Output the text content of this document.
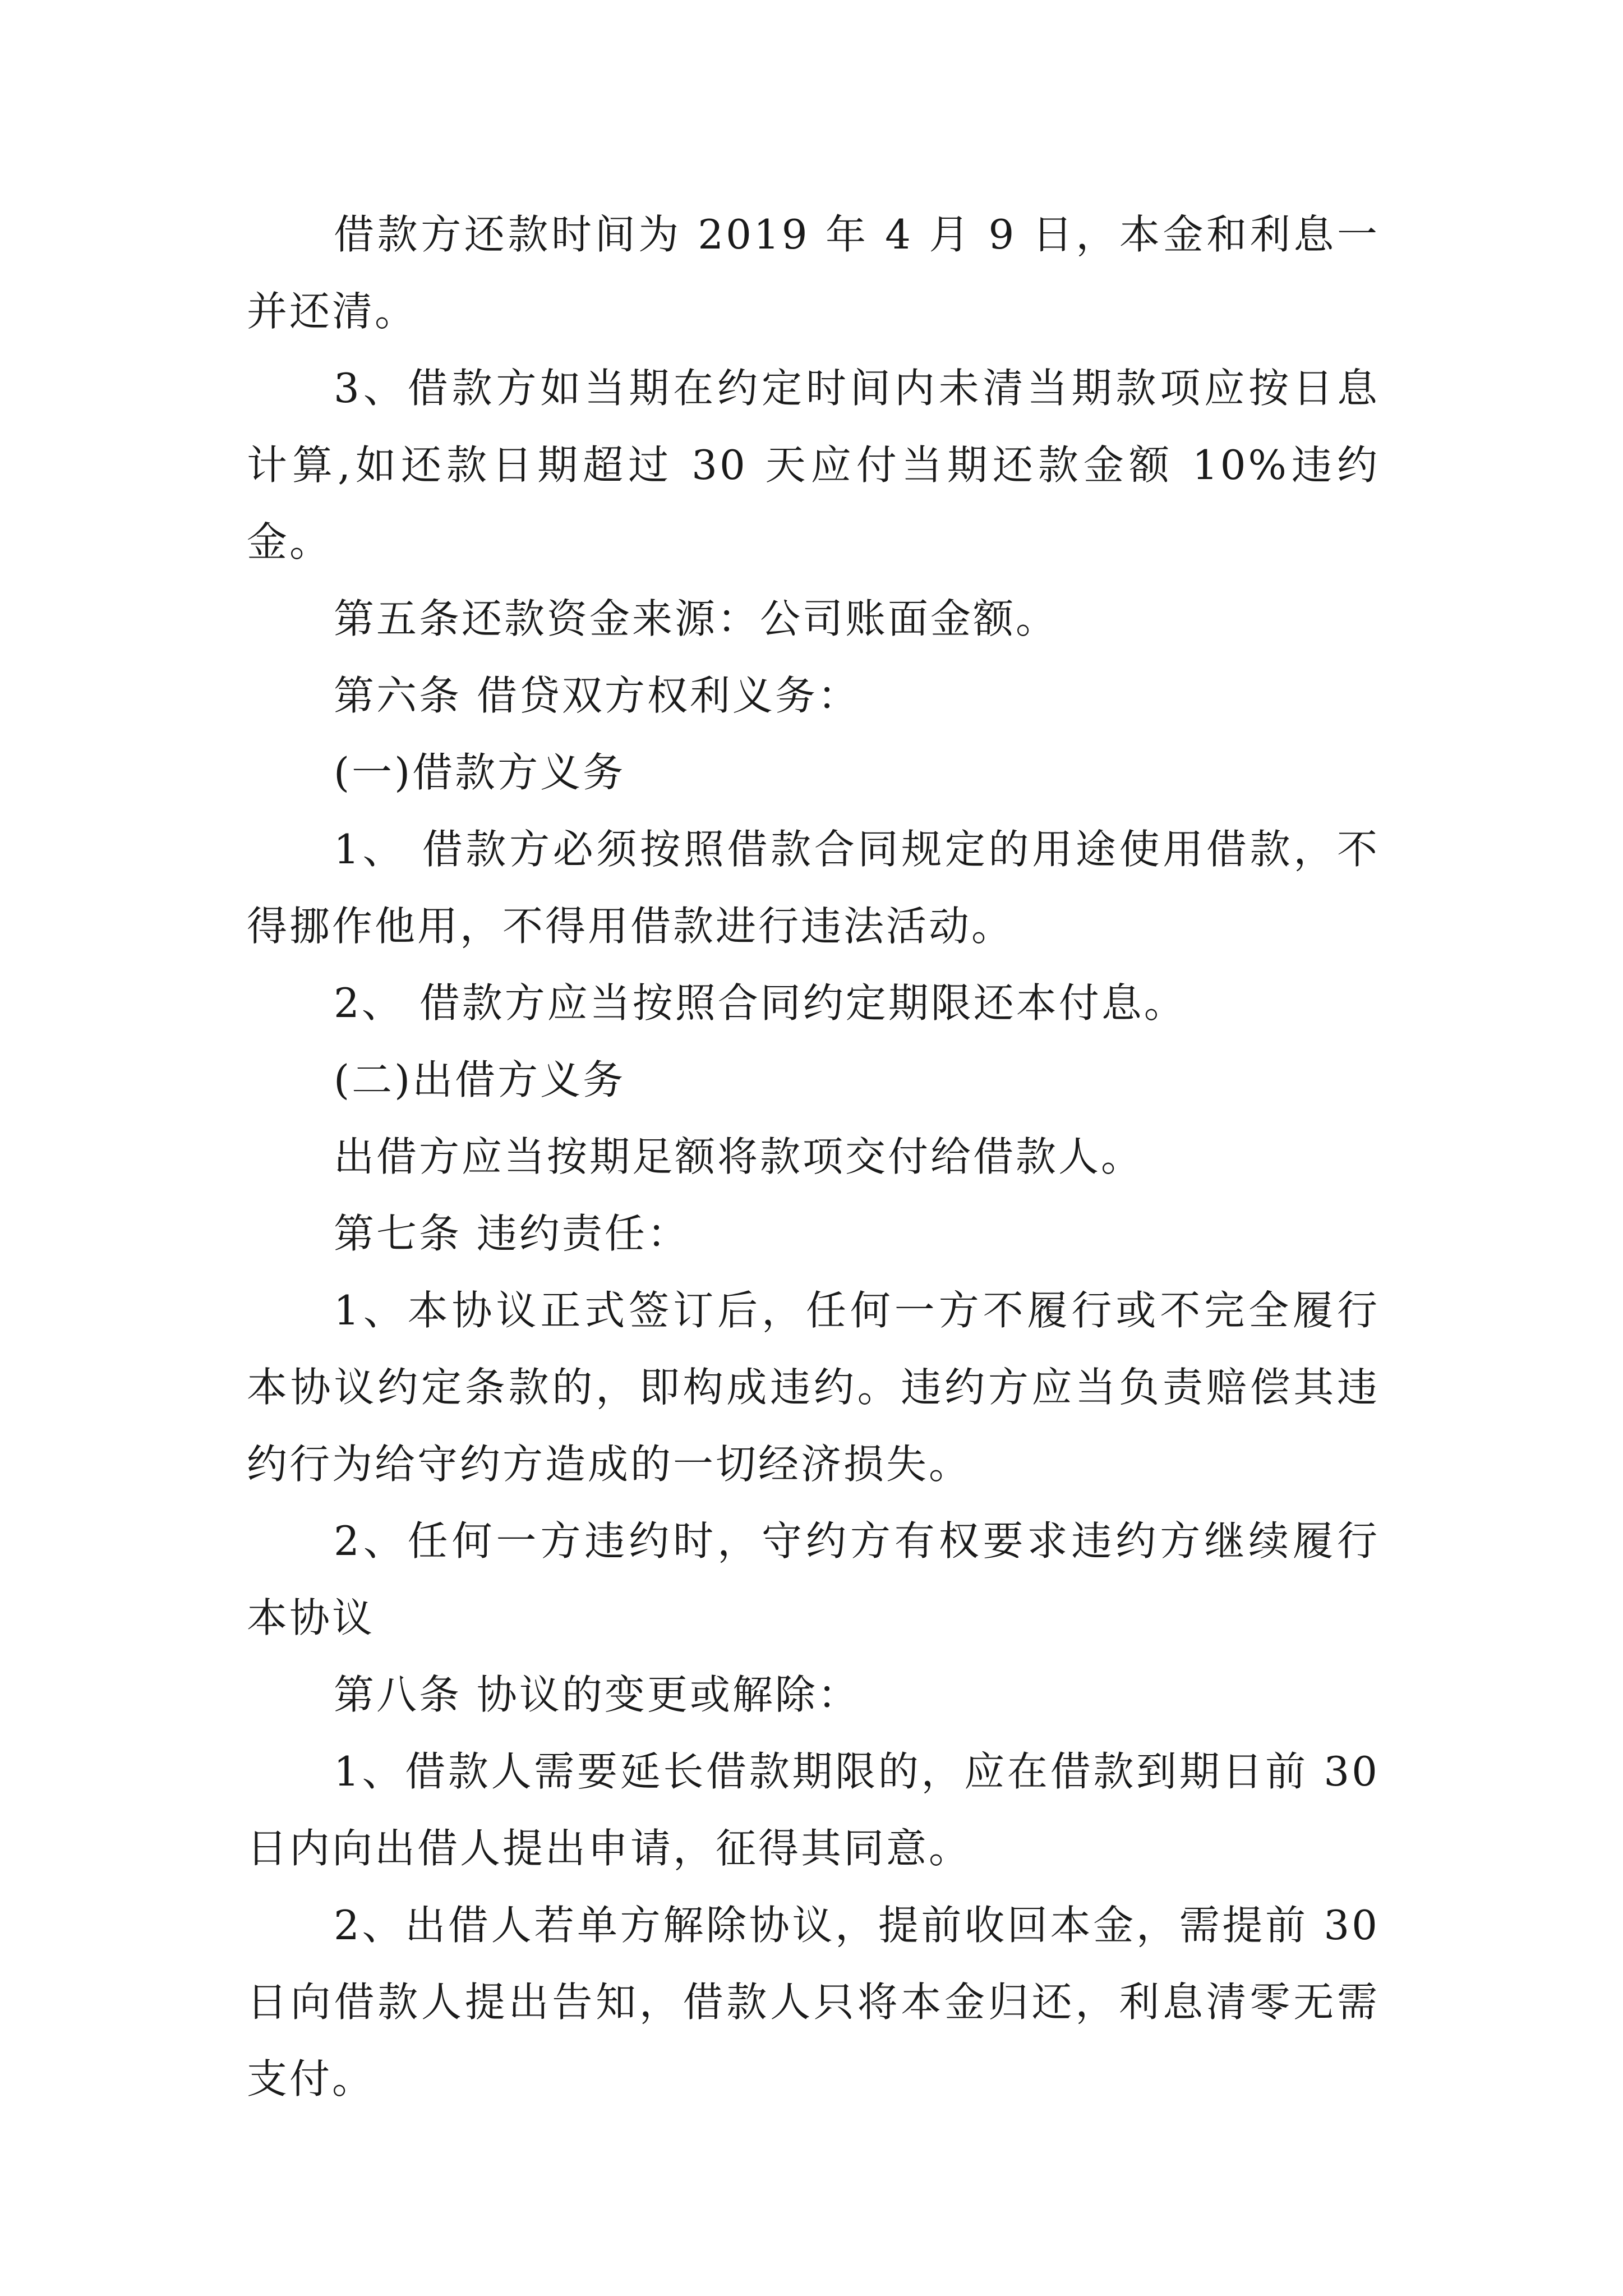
借款方还款时间为 2019 年 4 月 9 日，本金和利息一并还清。

3、借款方如当期在约定时间内未清当期款项应按日息计算,如还款日期超过 30 天应付当期还款金额 10%违约金。

第五条还款资金来源：公司账面金额。

第六条 借贷双方权利义务：

(一)借款方义务

1、 借款方必须按照借款合同规定的用途使用借款，不得挪作他用，不得用借款进行违法活动。

2、 借款方应当按照合同约定期限还本付息。

(二)出借方义务

出借方应当按期足额将款项交付给借款人。

第七条 违约责任：

1、本协议正式签订后，任何一方不履行或不完全履行本协议约定条款的，即构成违约。违约方应当负责赔偿其违约行为给守约方造成的一切经济损失。

2、任何一方违约时，守约方有权要求违约方继续履行本协议

第八条 协议的变更或解除：

1、借款人需要延长借款期限的，应在借款到期日前 30 日内向出借人提出申请，征得其同意。

2、出借人若单方解除协议，提前收回本金，需提前 30 日向借款人提出告知，借款人只将本金归还，利息清零无需支付。
